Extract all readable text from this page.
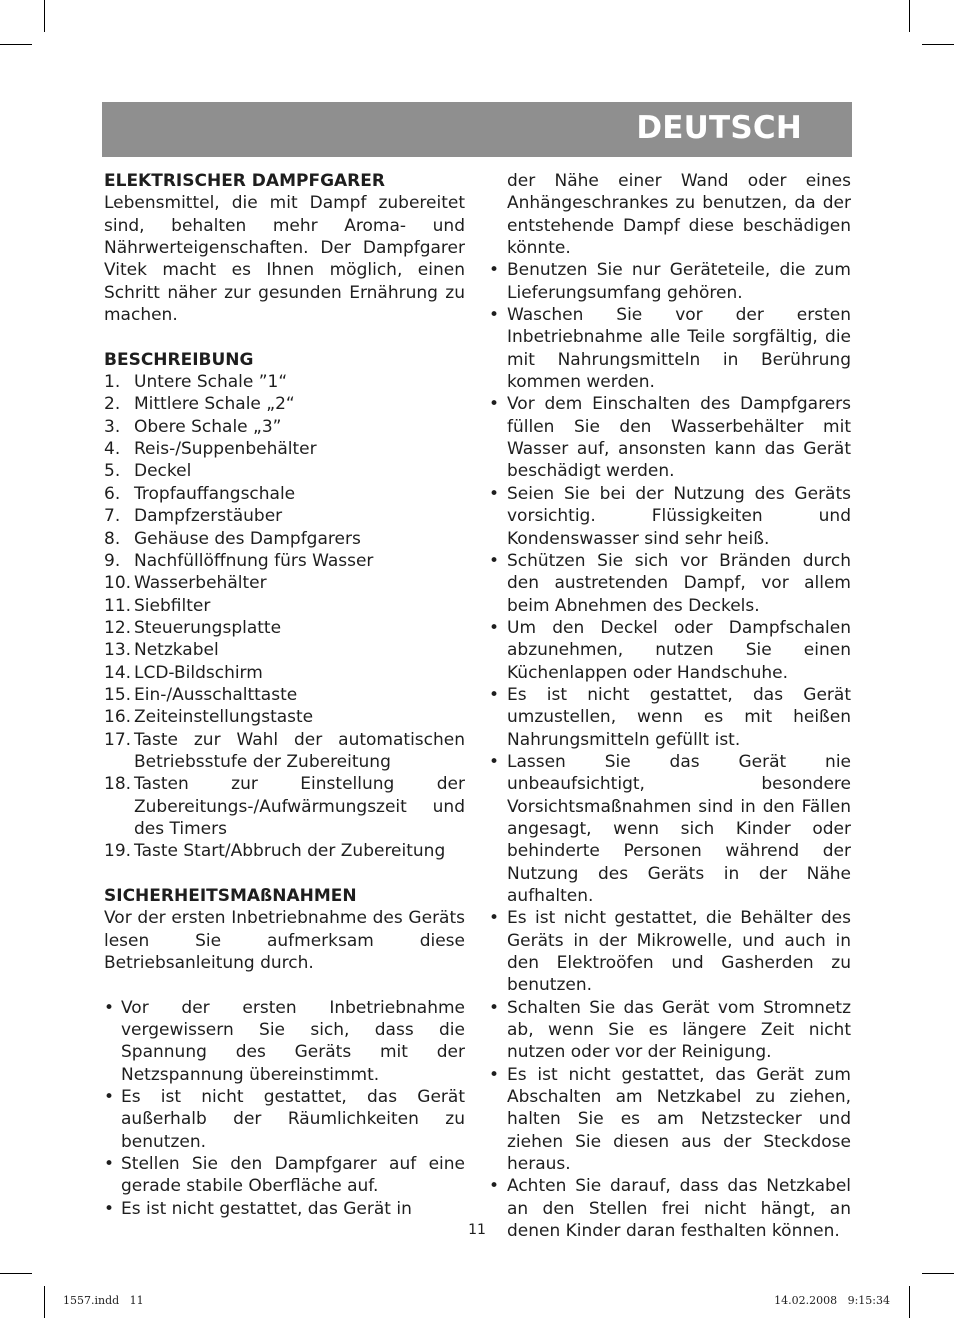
DEUTSCH
ELEKTRISCHER DAMPFGARER

Lebensmittel, die mit Dampf zubereitet sind, behalten mehr Aroma- und Nährwerteigenschaften. Der Dampfgarer Vitek macht es Ihnen möglich, einen Schritt näher zur gesunden Ernährung zu machen.

BESCHREIBUNG
1. Untere Schale ”1“
2. Mittlere Schale „2“
3. Obere Schale „3”
4. Reis-/Suppenbehälter
5. Deckel
6. Tropfauffangschale
7. Dampfzerstäuber
8. Gehäuse des Dampfgarers
9. Nachfüllöffnung fürs Wasser
10. Wasserbehälter
11. Siebfilter
12. Steuerungsplatte
13. Netzkabel
14. LCD-Bildschirm
15. Ein-/Ausschalttaste
16. Zeiteinstellungstaste
17. Taste zur Wahl der automatischen Betriebsstufe der Zubereitung
18. Tasten zur Einstellung der Zubereitungs-/Aufwärmungszeit und des Timers
19. Taste Start/Abbruch der Zubereitung
SICHERHEITSMAßNAHMEN

Vor der ersten Inbetriebnahme des Geräts lesen Sie aufmerksam diese Betriebsanleitung durch.

• Vor der ersten Inbetriebnahme vergewissern Sie sich, dass die Spannung des Geräts mit der Netzspannung übereinstimmt.
• Es ist nicht gestattet, das Gerät außerhalb der Räumlichkeiten zu benutzen.
• Stellen Sie den Dampfgarer auf eine gerade stabile Oberfläche auf.
• Es ist nicht gestattet, das Gerät in

der Nähe einer Wand oder eines Anhängeschrankes zu benutzen, da der entstehende Dampf diese beschädigen könnte.

• Benutzen Sie nur Geräteteile, die zum Lieferungsumfang gehören.
• Waschen Sie vor der ersten Inbetriebnahme alle Teile sorgfältig, die mit Nahrungsmitteln in Berührung kommen werden.
• Vor dem Einschalten des Dampfgarers füllen Sie den Wasserbehälter mit Wasser auf, ansonsten kann das Gerät beschädigt werden.
• Seien Sie bei der Nutzung des Geräts vorsichtig. Flüssigkeiten und Kondenswasser sind sehr heiß.
• Schützen Sie sich vor Bränden durch den austretenden Dampf, vor allem beim Abnehmen des Deckels.
• Um den Deckel oder Dampfschalen abzunehmen, nutzen Sie einen Küchenlappen oder Handschuhe.
• Es ist nicht gestattet, das Gerät umzustellen, wenn es mit heißen Nahrungsmitteln gefüllt ist.
• Lassen Sie das Gerät nie unbeaufsichtigt, besondere Vorsichtsmaßnahmen sind in den Fällen angesagt, wenn sich Kinder oder behinderte Personen während der Nutzung des Geräts in der Nähe aufhalten.
• Es ist nicht gestattet, die Behälter des Geräts in der Mikrowelle, und auch in den Elektroöfen und Gasherden zu benutzen.
• Schalten Sie das Gerät vom Stromnetz ab, wenn Sie es längere Zeit nicht nutzen oder vor der Reinigung.
• Es ist nicht gestattet, das Gerät zum Abschalten am Netzkabel zu ziehen, halten Sie es am Netzstecker und ziehen Sie diesen aus der Steckdose heraus.
• Achten Sie darauf, dass das Netzkabel an den Stellen frei nicht hängt, an denen Kinder daran festhalten können.
11
1557.indd   11	14.02.2008   9:15:34
